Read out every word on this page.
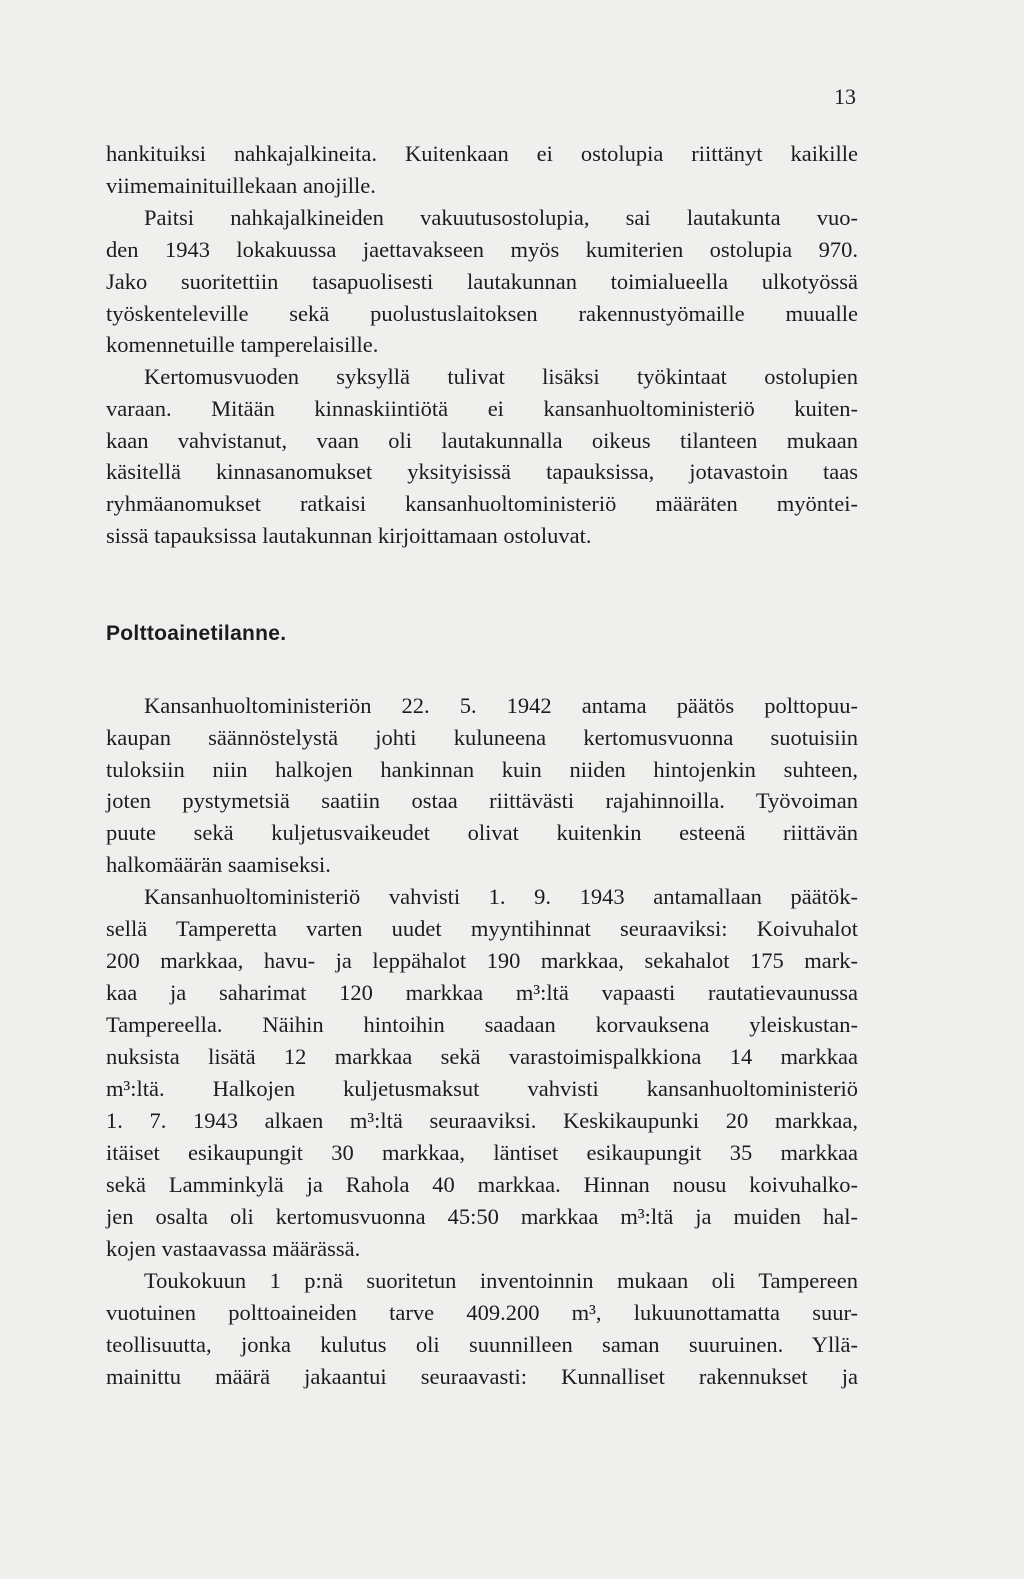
13
hankituiksi nahkajalkineita. Kuitenkaan ei ostolupia riittänyt kaikille
viimemainituillekaan anojille.
Paitsi nahkajalkineiden vakuutusostolupia, sai lautakunta vuo-
den 1943 lokakuussa jaettavakseen myös kumiterien ostolupia 970.
Jako suoritettiin tasapuolisesti lautakunnan toimialueella ulkotyössä
työskenteleville sekä puolustuslaitoksen rakennustyömaille muualle
komennetuille tamperelaisille.
Kertomusvuoden syksyllä tulivat lisäksi työkintaat ostolupien
varaan. Mitään kinnaskiintiötä ei kansanhuoltoministeriö kuiten-
kaan vahvistanut, vaan oli lautakunnalla oikeus tilanteen mukaan
käsitellä kinnasanomukset yksityisissä tapauksissa, jotavastoin taas
ryhmäanomukset ratkaisi kansanhuoltoministeriö määräten myöntei-
sissä tapauksissa lautakunnan kirjoittamaan ostoluvat.
Polttoainetilanne.
Kansanhuoltoministeriön 22. 5. 1942 antama päätös polttopuu-
kaupan säännöstelystä johti kuluneena kertomusvuonna suotuisiin
tuloksiin niin halkojen hankinnan kuin niiden hintojenkin suhteen,
joten pystymetsiä saatiin ostaa riittävästi rajahinnoilla. Työvoiman
puute sekä kuljetusvaikeudet olivat kuitenkin esteenä riittävän
halkomäärän saamiseksi.
Kansanhuoltoministeriö vahvisti 1. 9. 1943 antamallaan päätök-
sellä Tamperetta varten uudet myyntihinnat seuraaviksi: Koivuhalot
200 markkaa, havu- ja leppähalot 190 markkaa, sekahalot 175 mark-
kaa ja saharimat 120 markkaa m³:ltä vapaasti rautatievaunussa
Tampereella. Näihin hintoihin saadaan korvauksena yleiskustan-
nuksista lisätä 12 markkaa sekä varastoimispalkkiona 14 markkaa
m³:ltä. Halkojen kuljetusmaksut vahvisti kansanhuoltoministeriö
1. 7. 1943 alkaen m³:ltä seuraaviksi. Keskikaupunki 20 markkaa,
itäiset esikaupungit 30 markkaa, läntiset esikaupungit 35 markkaa
sekä Lamminkylä ja Rahola 40 markkaa. Hinnan nousu koivuhalko-
jen osalta oli kertomusvuonna 45:50 markkaa m³:ltä ja muiden hal-
kojen vastaavassa määrässä.
Toukokuun 1 p:nä suoritetun inventoinnin mukaan oli Tampereen
vuotuinen polttoaineiden tarve 409.200 m³, lukuunottamatta suur-
teollisuutta, jonka kulutus oli suunnilleen saman suuruinen. Yllä-
mainittu määrä jakaantui seuraavasti: Kunnalliset rakennukset ja
